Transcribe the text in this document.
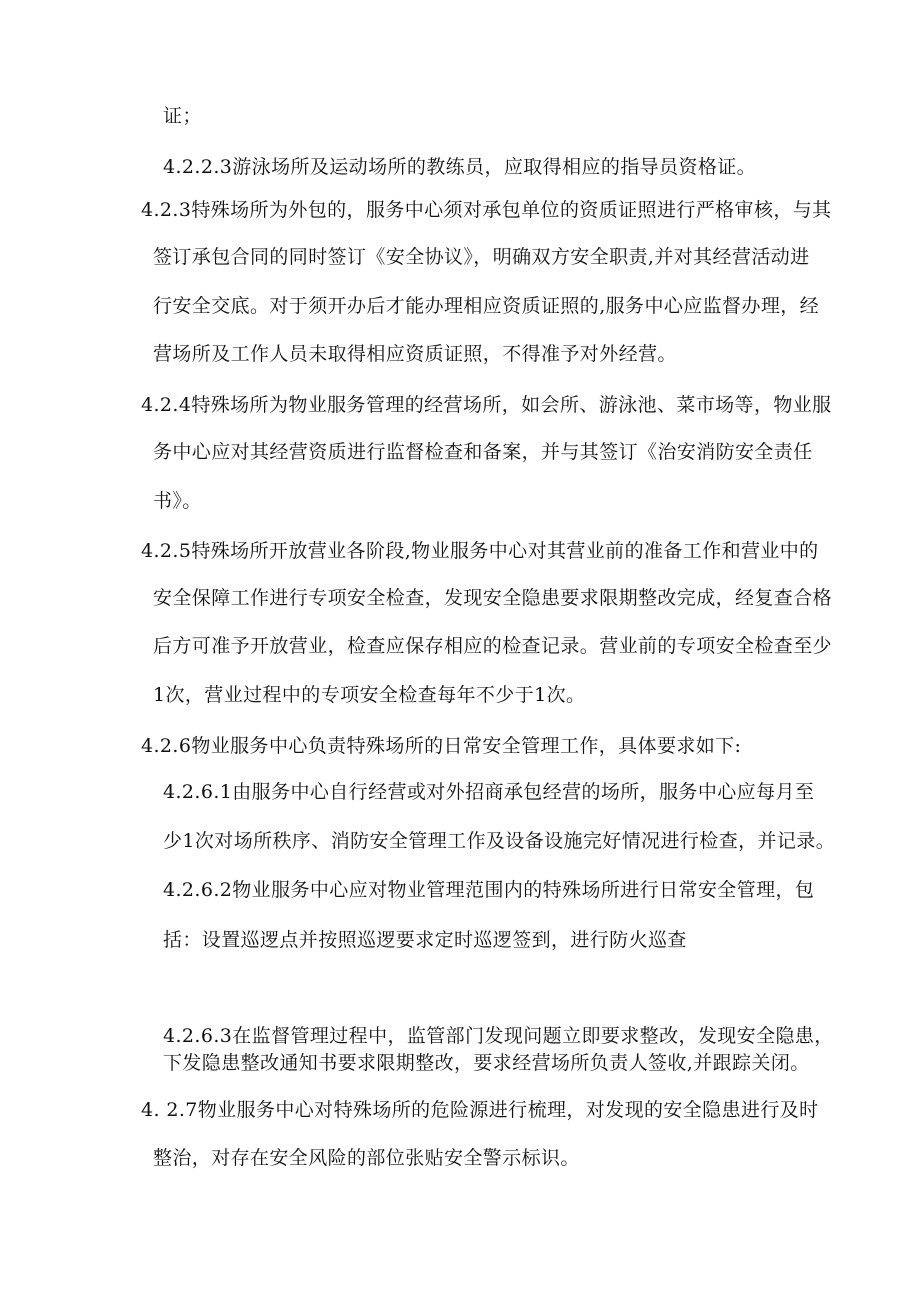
证；
4.2.2.3游泳场所及运动场所的教练员，应取得相应的指导员资格证。
4.2.3特殊场所为外包的，服务中心须对承包单位的资质证照进行严格审核，与其
签订承包合同的同时签订《安全协议》，明确双方安全职责,并对其经营活动进
行安全交底。对于须开办后才能办理相应资质证照的,服务中心应监督办理，经
营场所及工作人员未取得相应资质证照，不得准予对外经营。
4.2.4特殊场所为物业服务管理的经营场所，如会所、游泳池、菜市场等，物业服
务中心应对其经营资质进行监督检查和备案，并与其签订《治安消防安全责任
书》。
4.2.5特殊场所开放营业各阶段,物业服务中心对其营业前的准备工作和营业中的
安全保障工作进行专项安全检查，发现安全隐患要求限期整改完成，经复查合格
后方可准予开放营业，检查应保存相应的检查记录。营业前的专项安全检查至少
1次，营业过程中的专项安全检查每年不少于1次。
4.2.6物业服务中心负责特殊场所的日常安全管理工作，具体要求如下:
4.2.6.1由服务中心自行经营或对外招商承包经营的场所，服务中心应每月至
少1次对场所秩序、消防安全管理工作及设备设施完好情况进行检查，并记录。
4.2.6.2物业服务中心应对物业管理范围内的特殊场所进行日常安全管理，包
括：设置巡逻点并按照巡逻要求定时巡逻签到，进行防火巡查
4.2.6.3在监督管理过程中，监管部门发现问题立即要求整改，发现安全隐患，
下发隐患整改通知书要求限期整改，要求经营场所负责人签收,并跟踪关闭。
4. 2.7物业服务中心对特殊场所的危险源进行梳理，对发现的安全隐患进行及时
整治，对存在安全风险的部位张贴安全警示标识。
